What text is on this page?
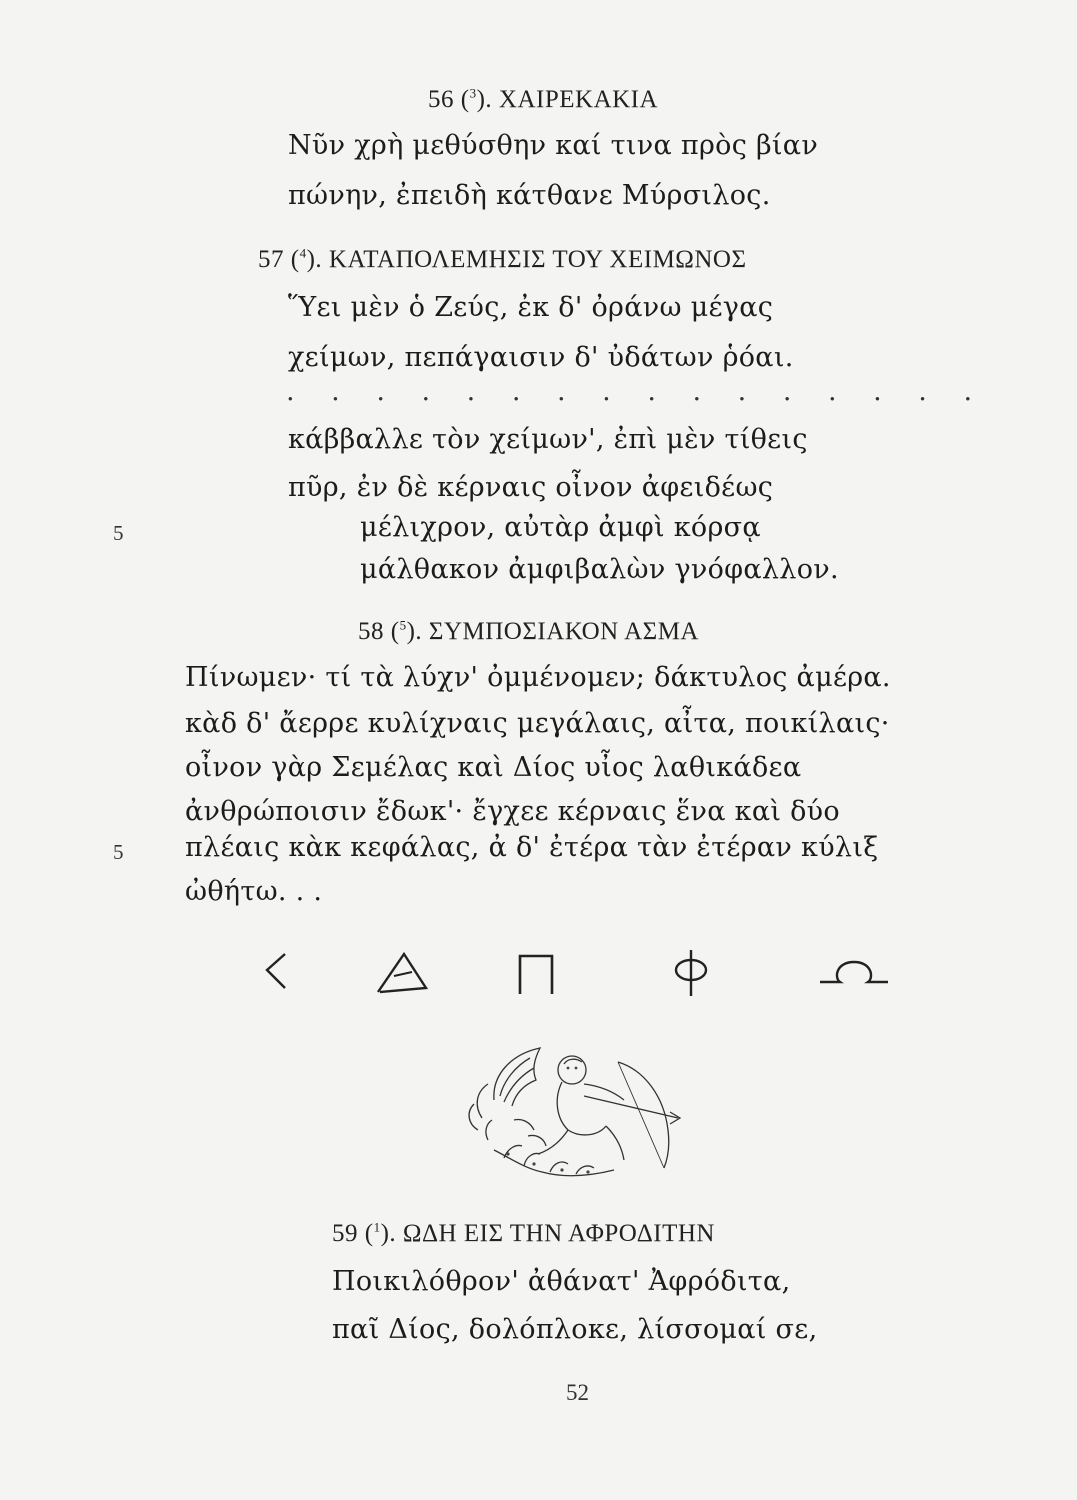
56 ($^3$). ΧΑΙΡΕΚΑΚΙΑ
Νῦν χρὴ μεθύσθην καί τινα πρὸς βίαν
πώνην, ἐπειδὴ κάτθανε Μύρσιλος.
57 ($^4$). ΚΑΤΑΠΟΛΕΜΗΣΙΣ ΤΟΥ ΧΕΙΜΩΝΟΣ
Ὕει μὲν ὁ Ζεύς, ἐκ δ' ὀράνω μέγας
χείμων, πεπάγαισιν δ' ὐδάτων ῥόαι.
. . . . . . . . . . . . . . . .
κάββαλλε τὸν χείμων', ἐπὶ μὲν τίθεις
πῦρ, ἐν δὲ κέρναις οἶνον ἀφειδέως
5	μέλιχρον, αὐτὰρ ἀμφὶ κόρσᾳ
μάλθακον ἀμφιβαλὼν γνόφαλλον.
58 ($^5$). ΣΥΜΠΟΣΙΑΚΟΝ ΑΣΜΑ
Πίνωμεν· τί τὰ λύχν' ὀμμένομεν; δάκτυλος ἀμέρα.
κὰδ δ' ἄερρε κυλίχναις μεγάλαις, αἶτα, ποικίλαις·
οἶνον γὰρ Σεμέλας καὶ Δίος υἶος λαθικάδεα
ἀνθρώποισιν ἔδωκ'· ἔγχεε κέρναις ἕνα καὶ δύο
5 πλέαις κὰκ κεφάλας, ἀ δ' ἐτέρα τὰν ἐτέραν κύλιξ
ὠθήτω. . .
59 ($^1$). ΩΔΗ ΕΙΣ ΤΗΝ ΑΦΡΟΔΙΤΗΝ
Ποικιλόθρον' ἀθάνατ' Ἀφρόδιτα,
παῖ Δίος, δολόπλοκε, λίσσομαί σε,
52
